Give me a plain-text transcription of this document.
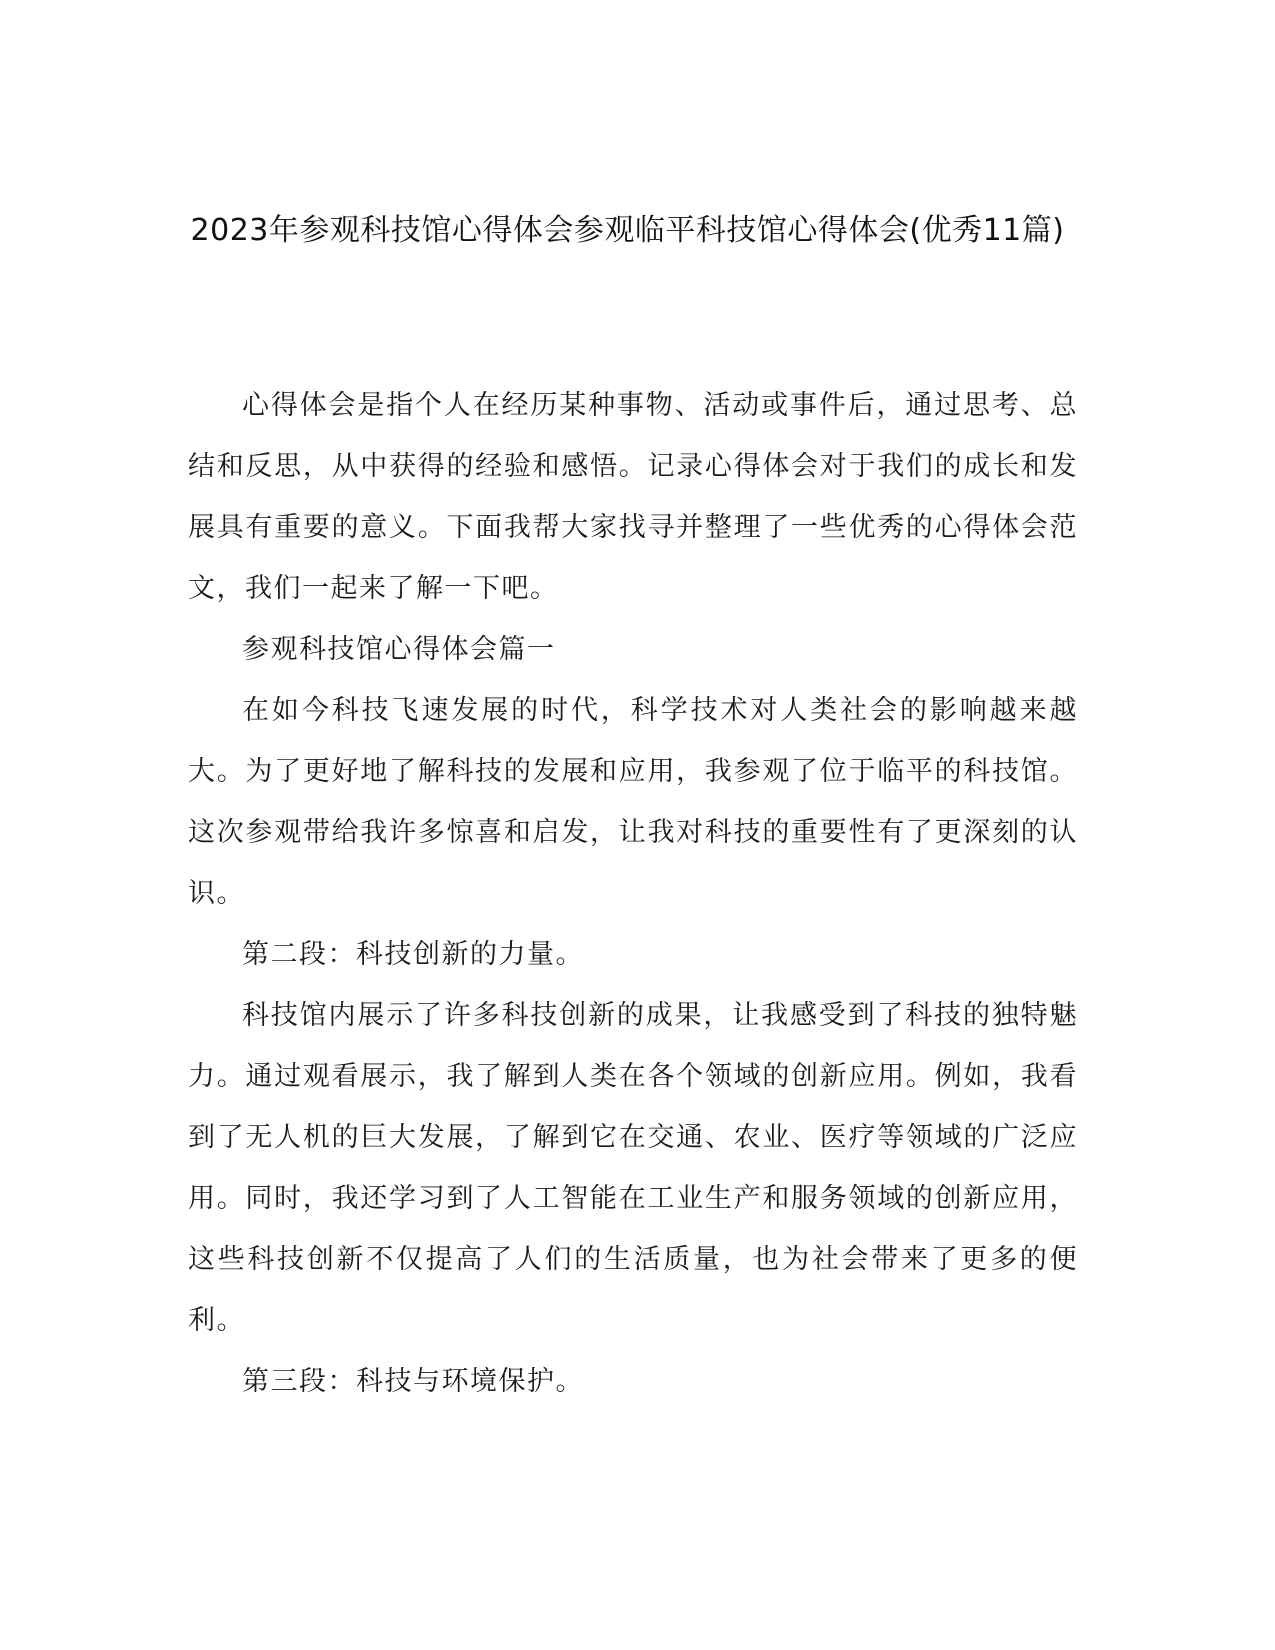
2023年参观科技馆心得体会参观临平科技馆心得体会(优秀11篇)

心得体会是指个人在经历某种事物、活动或事件后，通过思考、总结和反思，从中获得的经验和感悟。记录心得体会对于我们的成长和发展具有重要的意义。下面我帮大家找寻并整理了一些优秀的心得体会范文，我们一起来了解一下吧。

参观科技馆心得体会篇一

在如今科技飞速发展的时代，科学技术对人类社会的影响越来越大。为了更好地了解科技的发展和应用，我参观了位于临平的科技馆。这次参观带给我许多惊喜和启发，让我对科技的重要性有了更深刻的认识。

第二段：科技创新的力量。

科技馆内展示了许多科技创新的成果，让我感受到了科技的独特魅力。通过观看展示，我了解到人类在各个领域的创新应用。例如，我看到了无人机的巨大发展，了解到它在交通、农业、医疗等领域的广泛应用。同时，我还学习到了人工智能在工业生产和服务领域的创新应用，这些科技创新不仅提高了人们的生活质量，也为社会带来了更多的便利。

第三段：科技与环境保护。
